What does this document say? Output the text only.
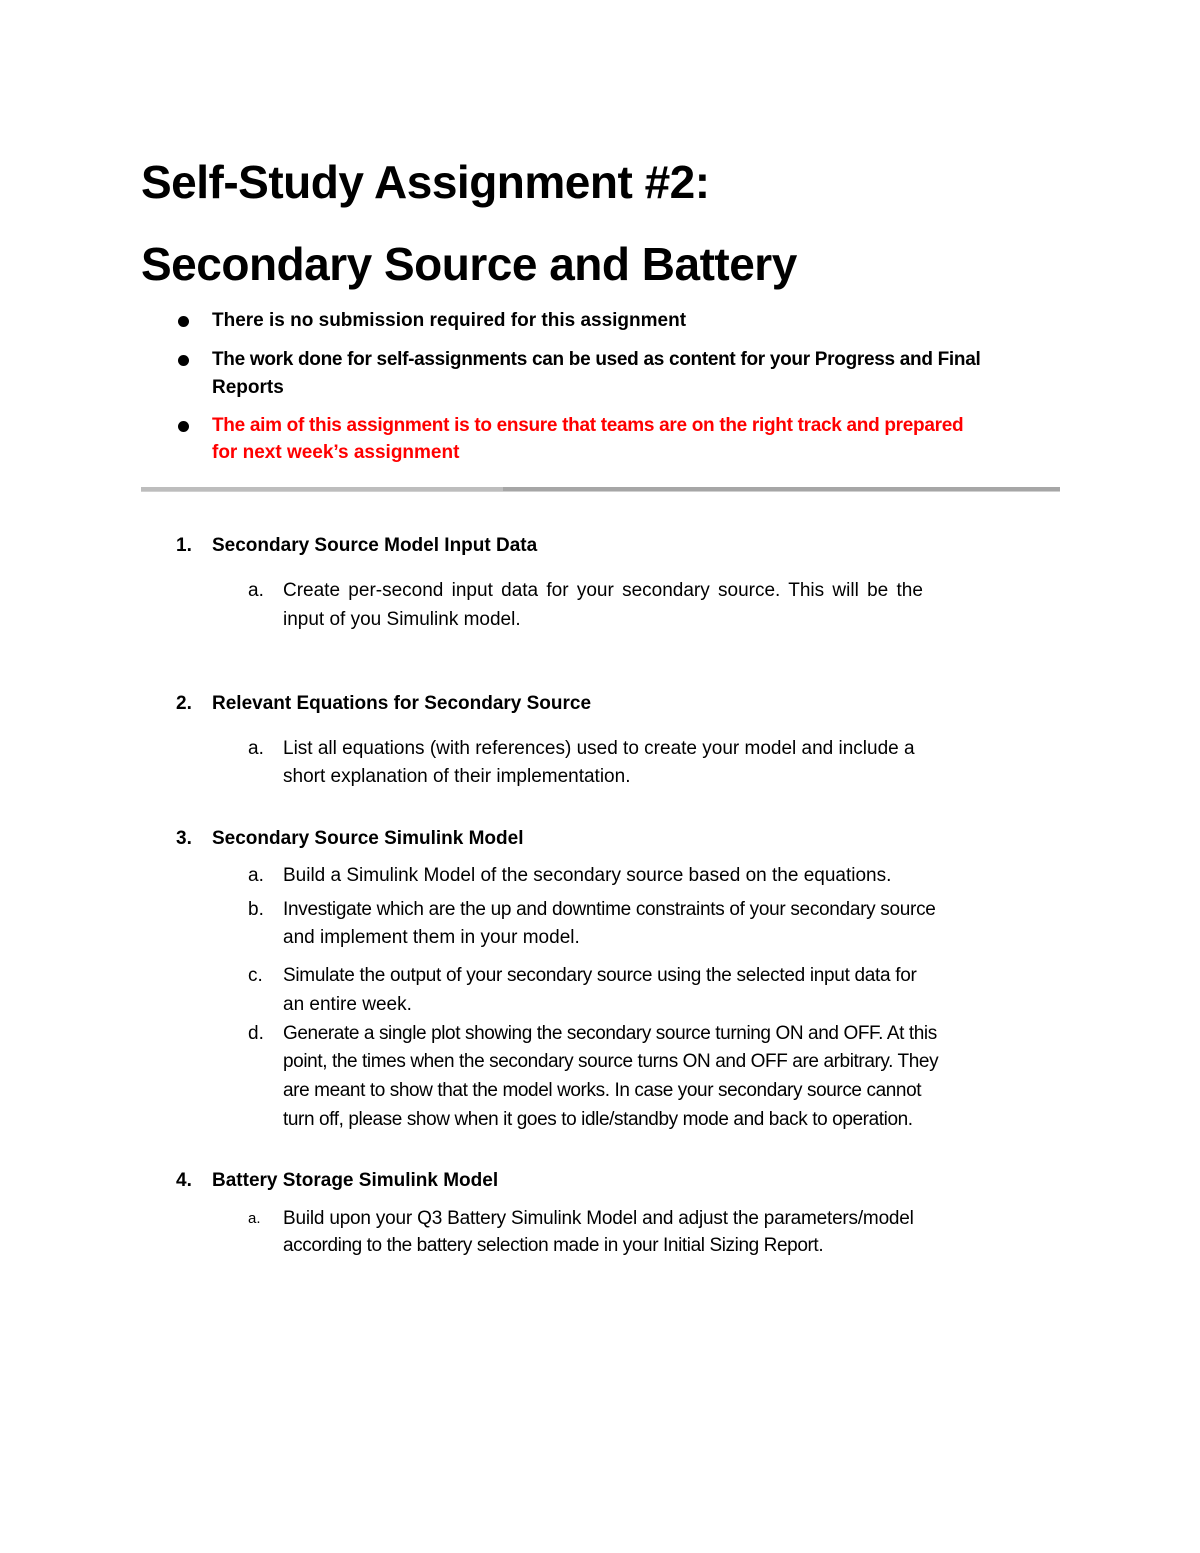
Self-Study Assignment #2:
Secondary Source and Battery
There is no submission required for this assignment
The work done for self-assignments can be used as content for your Progress and Final
Reports
The aim of this assignment is to ensure that teams are on the right track and prepared
for next week’s assignment
1. Secondary Source Model Input Data
a. Create per-second input data for your secondary source. This will be the
input of you Simulink model.
2. Relevant Equations for Secondary Source
a. List all equations (with references) used to create your model and include a
short explanation of their implementation.
3. Secondary Source Simulink Model
a. Build a Simulink Model of the secondary source based on the equations.
b. Investigate which are the up and downtime constraints of your secondary source
and implement them in your model.
c. Simulate the output of your secondary source using the selected input data for
an entire week.
d. Generate a single plot showing the secondary source turning ON and OFF. At this
point, the times when the secondary source turns ON and OFF are arbitrary. They
are meant to show that the model works. In case your secondary source cannot
turn off, please show when it goes to idle/standby mode and back to operation.
4. Battery Storage Simulink Model
a. Build upon your Q3 Battery Simulink Model and adjust the parameters/model
according to the battery selection made in your Initial Sizing Report.
